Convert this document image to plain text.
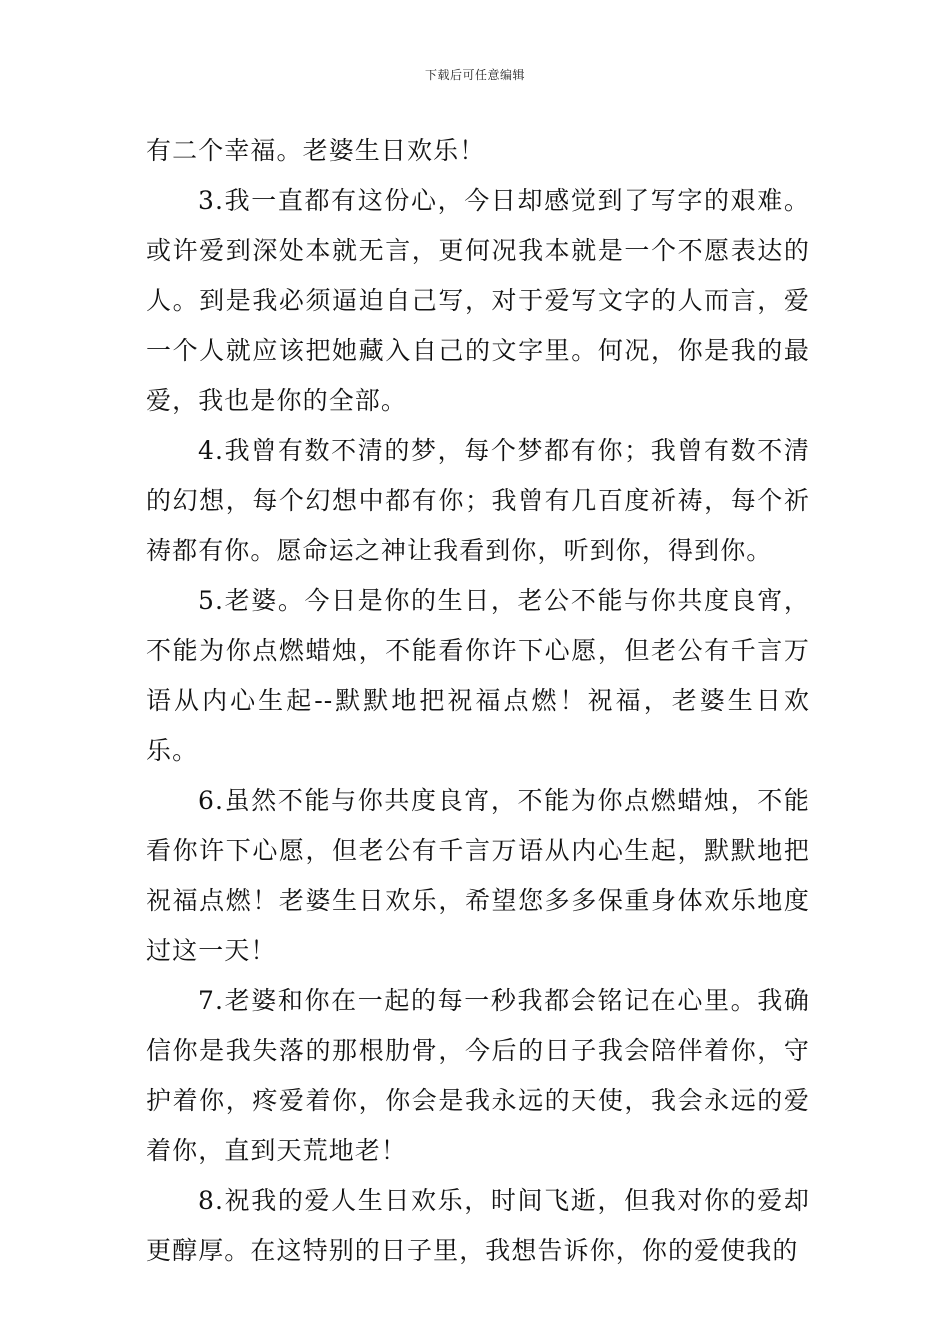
下载后可任意编辑

有二个幸福。老婆生日欢乐！

3.我一直都有这份心，今日却感觉到了写字的艰难。或许爱到深处本就无言，更何况我本就是一个不愿表达的人。到是我必须逼迫自己写，对于爱写文字的人而言，爱一个人就应该把她藏入自己的文字里。何况，你是我的最爱，我也是你的全部。

4.我曾有数不清的梦，每个梦都有你；我曾有数不清的幻想，每个幻想中都有你；我曾有几百度祈祷，每个祈祷都有你。愿命运之神让我看到你，听到你，得到你。

5.老婆。今日是你的生日，老公不能与你共度良宵，不能为你点燃蜡烛，不能看你许下心愿，但老公有千言万语从内心生起--默默地把祝福点燃！祝福，老婆生日欢乐。

6.虽然不能与你共度良宵，不能为你点燃蜡烛，不能看你许下心愿，但老公有千言万语从内心生起，默默地把祝福点燃！老婆生日欢乐，希望您多多保重身体欢乐地度过这一天！

7.老婆和你在一起的每一秒我都会铭记在心里。我确信你是我失落的那根肋骨，今后的日子我会陪伴着你，守护着你，疼爱着你，你会是我永远的天使，我会永远的爱着你，直到天荒地老！

8.祝我的爱人生日欢乐，时间飞逝，但我对你的爱却更醇厚。在这特别的日子里，我想告诉你，你的爱使我的
